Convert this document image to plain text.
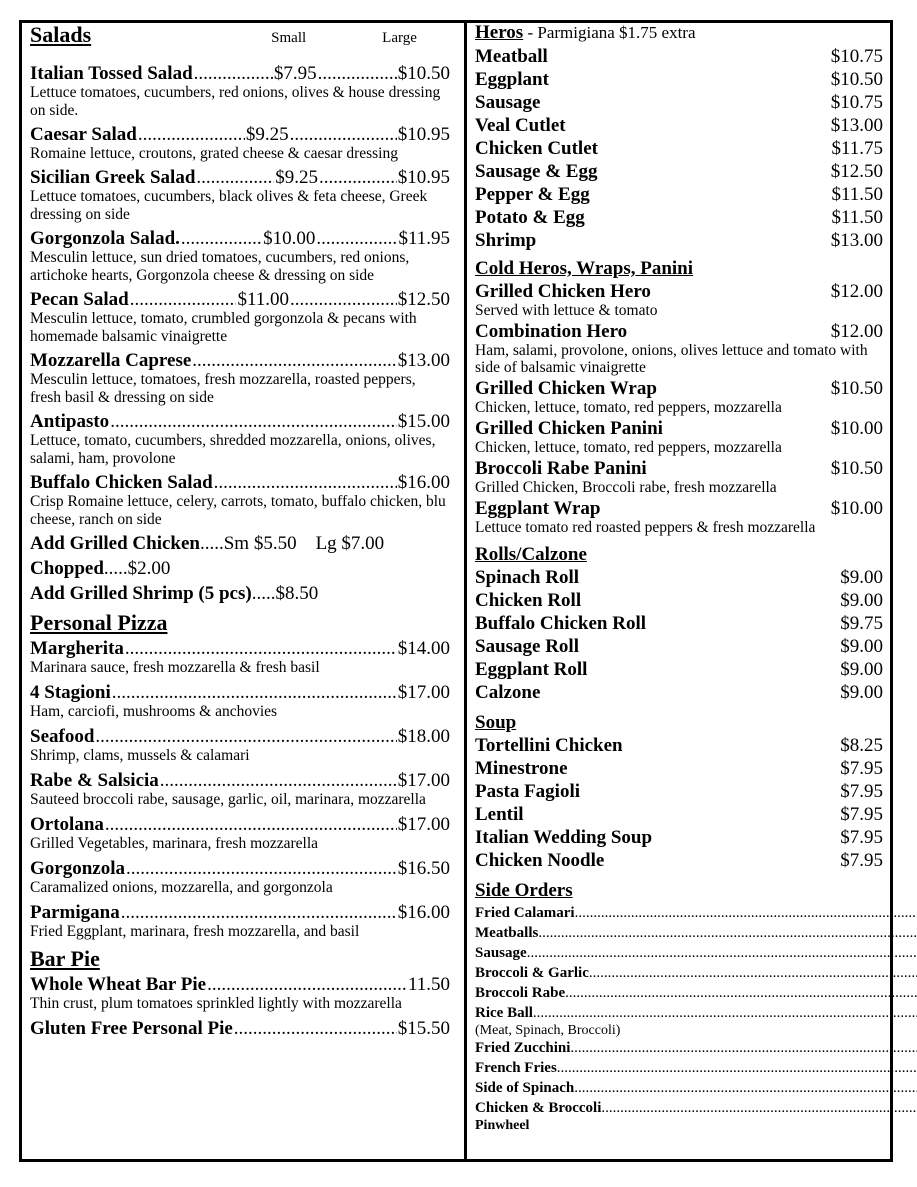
Salads	Small	Large
Italian Tossed Salad .....	$7.95 .....	$10.50
Lettuce tomatoes, cucumbers, red onions, olives & house dressing on side.
Caesar Salad .....	$9.25 .....	$10.95
Romaine lettuce, croutons, grated cheese & caesar dressing
Sicilian Greek Salad .....	$9.25 .....	$10.95
Lettuce tomatoes, cucumbers, black olives & feta cheese, Greek dressing on side
Gorgonzola Salad. .....	$10.00 .....	$11.95
Mesculin lettuce, sun dried tomatoes, cucumbers, red onions, artichoke hearts, Gorgonzola cheese & dressing on side
Pecan Salad .....	$11.00 .....	$12.50
Mesculin lettuce, tomato, crumbled gorgonzola & pecans with homemade balsamic vinaigrette
Mozzarella Caprese .....	$13.00
Mesculin lettuce, tomatoes, fresh mozzarella, roasted peppers, fresh basil & dressing on side
Antipasto .....	$15.00
Lettuce, tomato, cucumbers, shredded mozzarella, onions, olives, salami, ham, provolone
Buffalo Chicken Salad .....	$16.00
Crisp Romaine lettuce, celery, carrots, tomato, buffalo chicken, blu cheese, ranch on side
Add Grilled Chicken ..... Sm $5.50    Lg $7.00
Chopped ..... $2.00
Add Grilled Shrimp (5 pcs) ..... $8.50
Personal Pizza
Margherita .....	$14.00
Marinara sauce, fresh mozzarella & fresh basil
4 Stagioni .....	$17.00
Ham, carciofi, mushrooms & anchovies
Seafood .....	$18.00
Shrimp, clams, mussels & calamari
Rabe & Salsicia .....	$17.00
Sauteed broccoli rabe, sausage, garlic, oil, marinara, mozzarella
Ortolana .....	$17.00
Grilled Vegetables, marinara, fresh mozzarella
Gorgonzola .....	$16.50
Caramalized onions, mozzarella, and gorgonzola
Parmigana .....	$16.00
Fried Eggplant, marinara, fresh mozzarella, and basil
Bar Pie
Whole Wheat Bar Pie .....	11.50
Thin crust, plum tomatoes sprinkled lightly with mozzarella
Gluten Free Personal Pie .....	$15.50
Heros - Parmigiana $1.75 extra
Meatball	$10.75
Eggplant	$10.50
Sausage	$10.75
Veal Cutlet	$13.00
Chicken Cutlet	$11.75
Sausage & Egg	$12.50
Pepper & Egg	$11.50
Potato & Egg	$11.50
Shrimp	$13.00
Cold Heros, Wraps, Panini
Grilled Chicken Hero	$12.00
Served with lettuce & tomato
Combination Hero	$12.00
Ham, salami, provolone, onions, olives lettuce and tomato with side of balsamic vinaigrette
Grilled Chicken Wrap	$10.50
Chicken, lettuce, tomato, red peppers, mozzarella
Grilled Chicken Panini	$10.00
Chicken, lettuce, tomato, red peppers, mozzarella
Broccoli Rabe Panini	$10.50
Grilled Chicken, Broccoli rabe, fresh mozzarella
Eggplant Wrap	$10.00
Lettuce tomato red roasted peppers & fresh mozzarella
Rolls/Calzone
Spinach Roll	$9.00
Chicken Roll	$9.00
Buffalo Chicken Roll	$9.75
Sausage Roll	$9.00
Eggplant Roll	$9.00
Calzone	$9.00
Soup
Tortellini Chicken	$8.25
Minestrone	$7.95
Pasta Fagioli	$7.95
Lentil	$7.95
Italian Wedding Soup	$7.95
Chicken Noodle	$7.95
Side Orders
Fried Calamari
.....
Meatballs
.....
Sausage
.....
Broccoli & Garlic
.....
Broccoli Rabe
.....
Rice Ball
.....
(Meat, Spinach, Broccoli)
Fried Zucchini
.....
French Fries
.....
Side of Spinach
.....
Chicken & Broccoli
.....
Pinwheel
